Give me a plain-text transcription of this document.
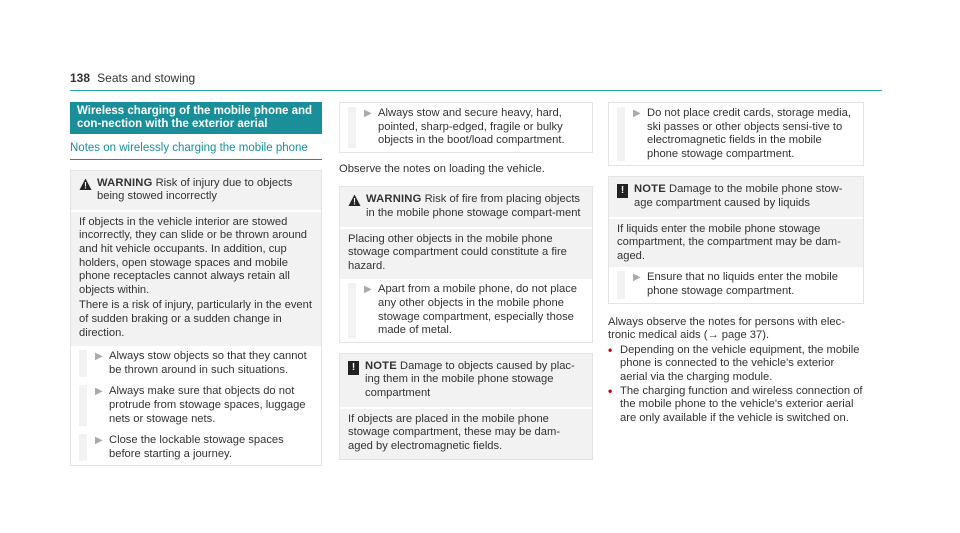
138 Seats and stowing
Wireless charging of the mobile phone and con-nection with the exterior aerial
Notes on wirelessly charging the mobile phone
WARNING Risk of injury due to objects being stowed incorrectly

If objects in the vehicle interior are stowed incorrectly, they can slide or be thrown around and hit vehicle occupants. In addition, cup holders, open stowage spaces and mobile phone receptacles cannot always retain all objects within.

There is a risk of injury, particularly in the event of sudden braking or a sudden change in direction.

▶ Always stow objects so that they cannot be thrown around in such situations.
▶ Always make sure that objects do not protrude from stowage spaces, luggage nets or stowage nets.
▶ Close the lockable stowage spaces before starting a journey.
▶ Always stow and secure heavy, hard, pointed, sharp-edged, fragile or bulky objects in the boot/load compartment.

Observe the notes on loading the vehicle.

WARNING Risk of fire from placing objects in the mobile phone stowage compart-ment

Placing other objects in the mobile phone stowage compartment could constitute a fire hazard.

▶ Apart from a mobile phone, do not place any other objects in the mobile phone stowage compartment, especially those made of metal.
! NOTE Damage to objects caused by plac-ing them in the mobile phone stowage compartment
If objects are placed in the mobile phone stowage compartment, these may be dam-aged by electromagnetic fields.
▶ Do not place credit cards, storage media, ski passes or other objects sensi-tive to electromagnetic fields in the mobile phone stowage compartment.
! NOTE Damage to the mobile phone stow-age compartment caused by liquids
If liquids enter the mobile phone stowage compartment, the compartment may be dam-aged.
▶ Ensure that no liquids enter the mobile phone stowage compartment.

Always observe the notes for persons with elec-tronic medical aids (→ page 37).

• Depending on the vehicle equipment, the mobile phone is connected to the vehicle's exterior aerial via the charging module.
• The charging function and wireless connection of the mobile phone to the vehicle's exterior aerial are only available if the vehicle is switched on.
